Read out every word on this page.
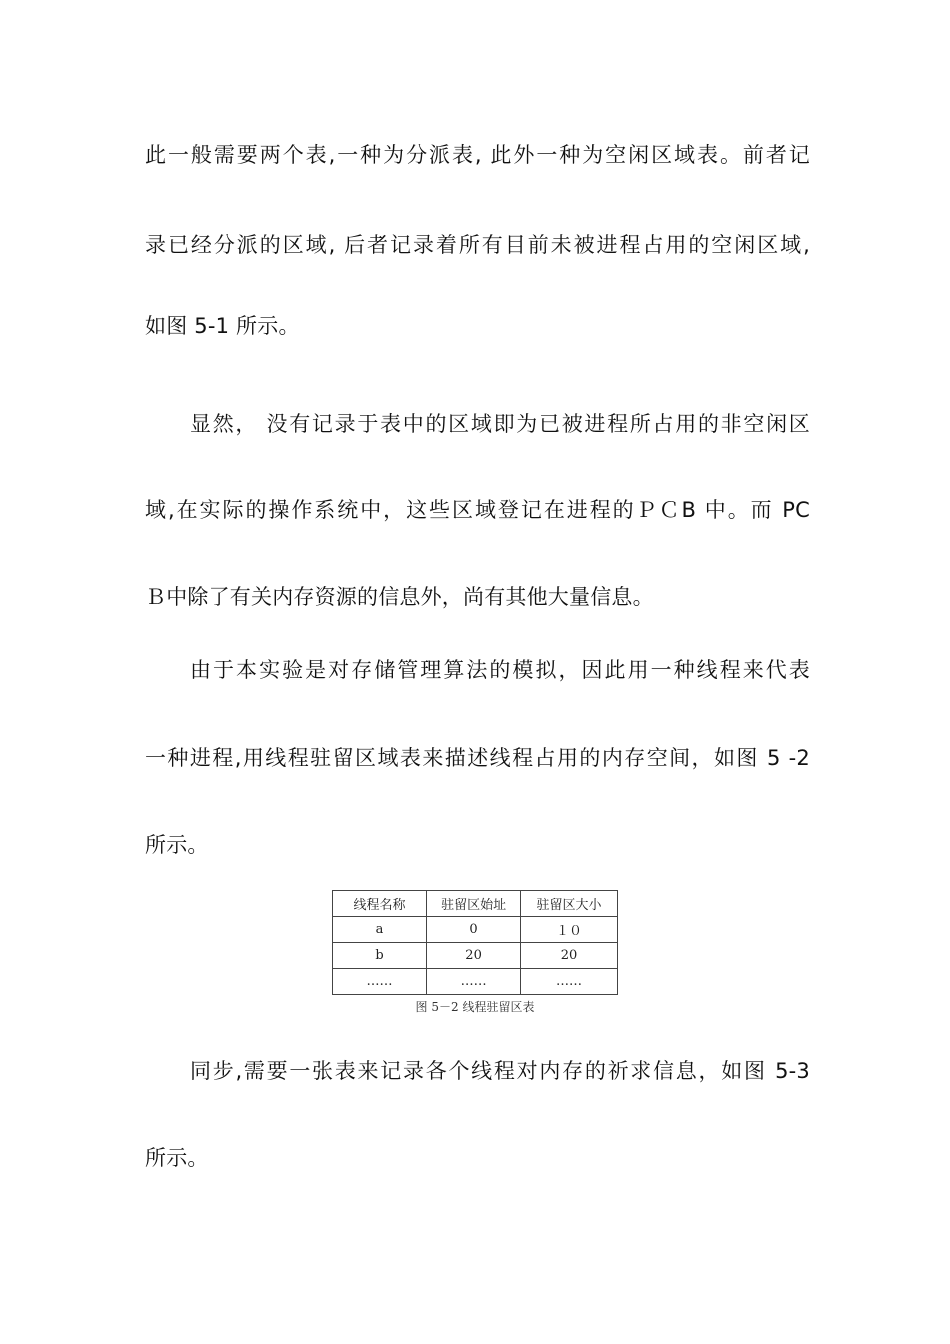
此一般需要两个表,一种为分派表, 此外一种为空闲区域表。前者记
录已经分派的区域, 后者记录着所有目前未被进程占用的空闲区域,
如图 5-1 所示。
显然， 没有记录于表中的区域即为已被进程所占用的非空闲区
域,在实际的操作系统中，这些区域登记在进程的ＰＣB 中。而 PC
Ｂ中除了有关内存资源的信息外，尚有其他大量信息。
由于本实验是对存储管理算法的模拟，因此用一种线程来代表
一种进程,用线程驻留区域表来描述线程占用的内存空间，如图 5 -2
所示。
线程名称	驻留区始址	驻留区大小
a	0	１０
b	20	20
……	……	……
图 5－2 线程驻留区表
同步,需要一张表来记录各个线程对内存的祈求信息，如图 5-3
所示。
